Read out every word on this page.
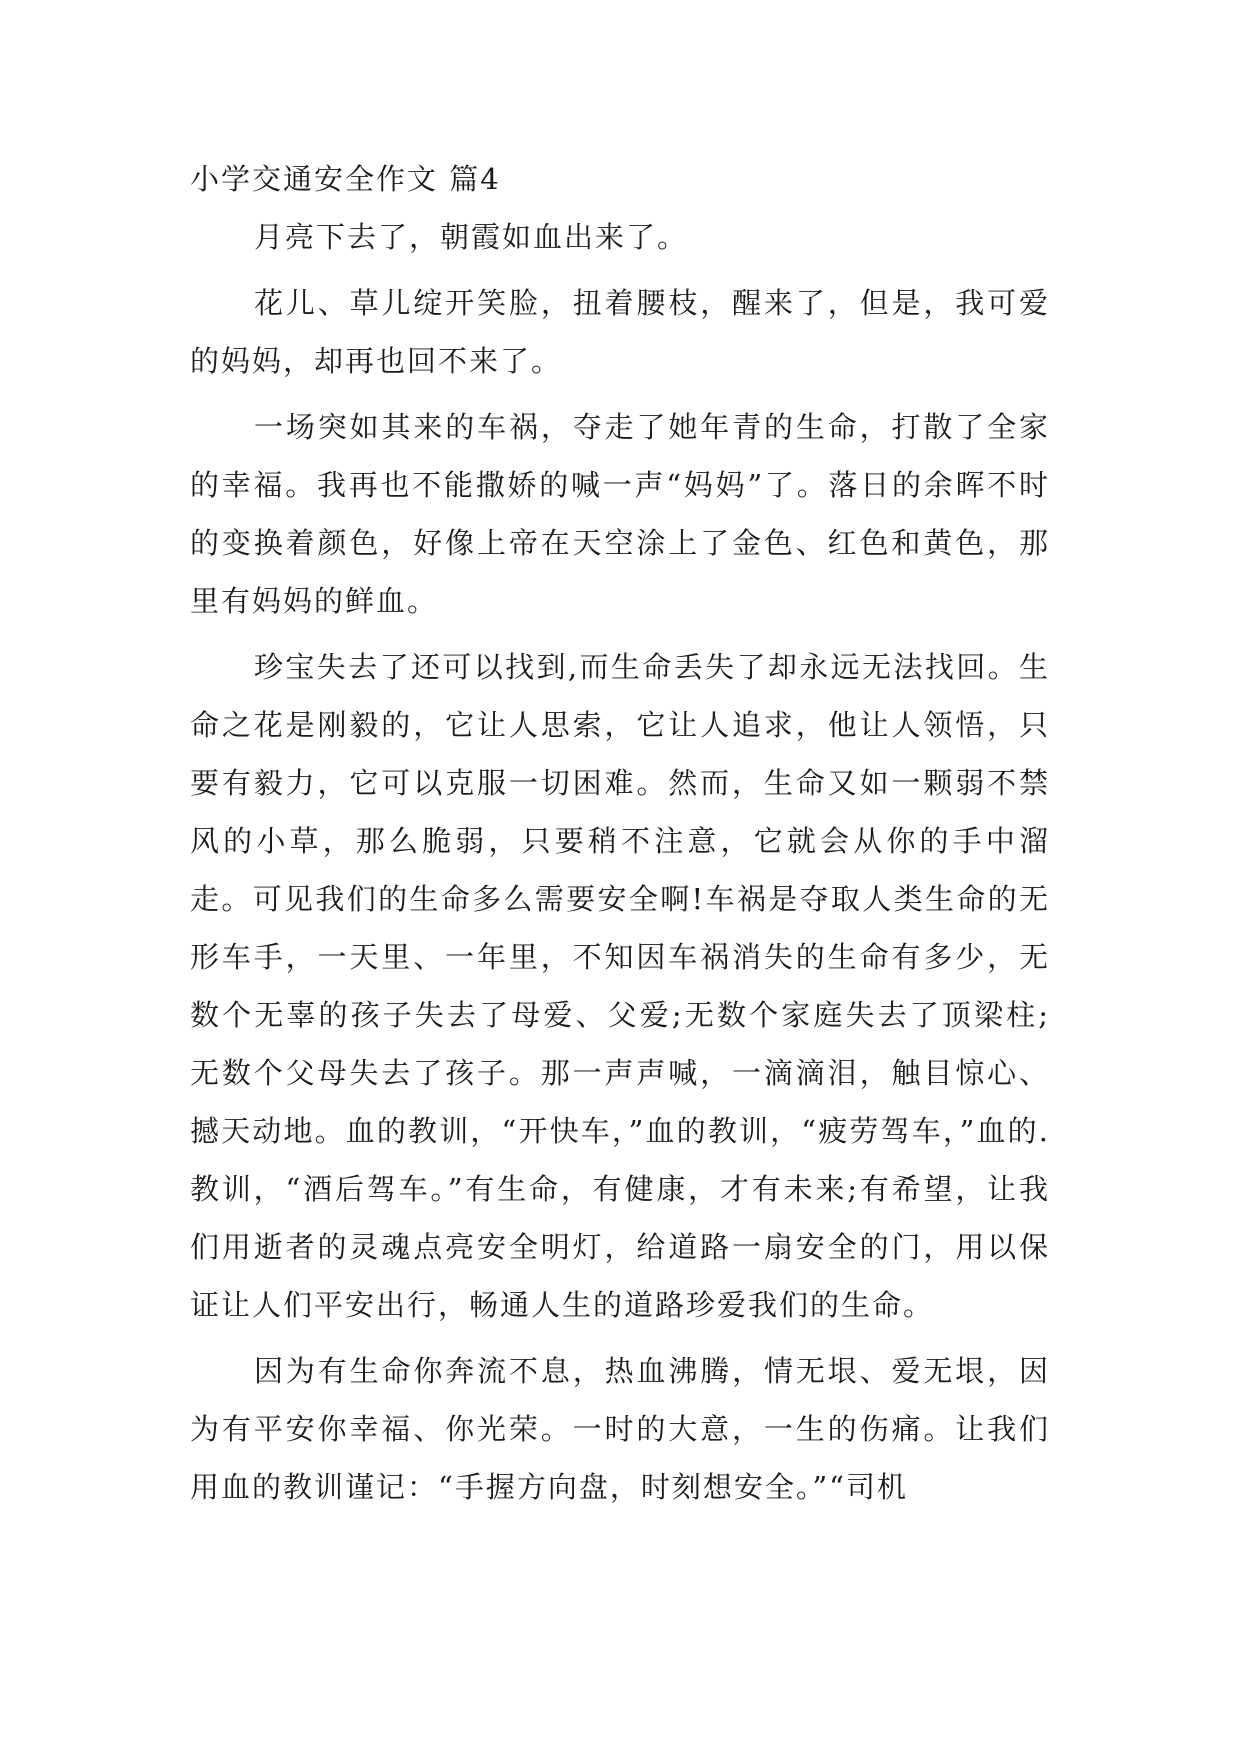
小学交通安全作文 篇4

月亮下去了，朝霞如血出来了。

花儿、草儿绽开笑脸，扭着腰枝，醒来了，但是，我可爱的妈妈，却再也回不来了。

一场突如其来的车祸，夺走了她年青的生命，打散了全家的幸福。我再也不能撒娇的喊一声“妈妈”了。落日的余晖不时的变换着颜色，好像上帝在天空涂上了金色、红色和黄色，那里有妈妈的鲜血。

珍宝失去了还可以找到,而生命丢失了却永远无法找回。生命之花是刚毅的，它让人思索，它让人追求，他让人领悟，只要有毅力，它可以克服一切困难。然而，生命又如一颗弱不禁风的小草，那么脆弱，只要稍不注意，它就会从你的手中溜走。可见我们的生命多么需要安全啊!车祸是夺取人类生命的无形车手，一天里、一年里，不知因车祸消失的生命有多少，无数个无辜的孩子失去了母爱、父爱;无数个家庭失去了顶梁柱;无数个父母失去了孩子。那一声声喊，一滴滴泪，触目惊心、撼天动地。血的教训，“开快车，”血的教训，“疲劳驾车，”血的.教训，“酒后驾车。”有生命，有健康，才有未来;有希望，让我们用逝者的灵魂点亮安全明灯，给道路一扇安全的门，用以保证让人们平安出行，畅通人生的道路珍爱我们的生命。

因为有生命你奔流不息，热血沸腾，情无垠、爱无垠，因为有平安你幸福、你光荣。一时的大意，一生的伤痛。让我们用血的教训谨记：“手握方向盘，时刻想安全。”“司机
